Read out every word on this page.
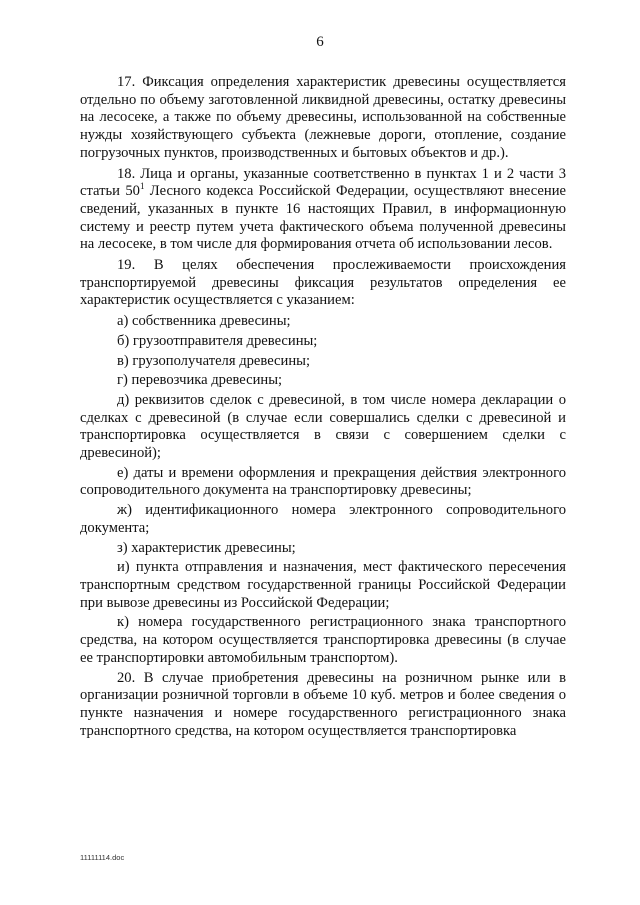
6

17. Фиксация определения характеристик древесины осуществляется отдельно по объему заготовленной ликвидной древесины, остатку древесины на лесосеке, а также по объему древесины, использованной на собственные нужды хозяйствующего субъекта (лежневые дороги, отопление, создание погрузочных пунктов, производственных и бытовых объектов и др.).

18. Лица и органы, указанные соответственно в пунктах 1 и 2 части 3 статьи $50^1$ Лесного кодекса Российской Федерации, осуществляют внесение сведений, указанных в пункте 16 настоящих Правил, в информационную систему и реестр путем учета фактического объема полученной древесины на лесосеке, в том числе для формирования отчета об использовании лесов.

19. В целях обеспечения прослеживаемости происхождения транспортируемой древесины фиксация результатов определения ее характеристик осуществляется с указанием:

а) собственника древесины;

б) грузоотправителя древесины;

в) грузополучателя древесины;

г) перевозчика древесины;

д) реквизитов сделок с древесиной, в том числе номера декларации о сделках с древесиной (в случае если совершались сделки с древесиной и транспортировка осуществляется в связи с совершением сделки с древесиной);

е) даты и времени оформления и прекращения действия электронного сопроводительного документа на транспортировку древесины;

ж) идентификационного номера электронного сопроводительного документа;

з) характеристик древесины;

и) пункта отправления и назначения, мест фактического пересечения транспортным средством государственной границы Российской Федерации при вывозе древесины из Российской Федерации;

к) номера государственного регистрационного знака транспортного средства, на котором осуществляется транспортировка древесины (в случае ее транспортировки автомобильным транспортом).

20. В случае приобретения древесины на розничном рынке или в организации розничной торговли в объеме 10 куб. метров и более сведения о пункте назначения и номере государственного регистрационного знака транспортного средства, на котором осуществляется транспортировка

11111114.doc
